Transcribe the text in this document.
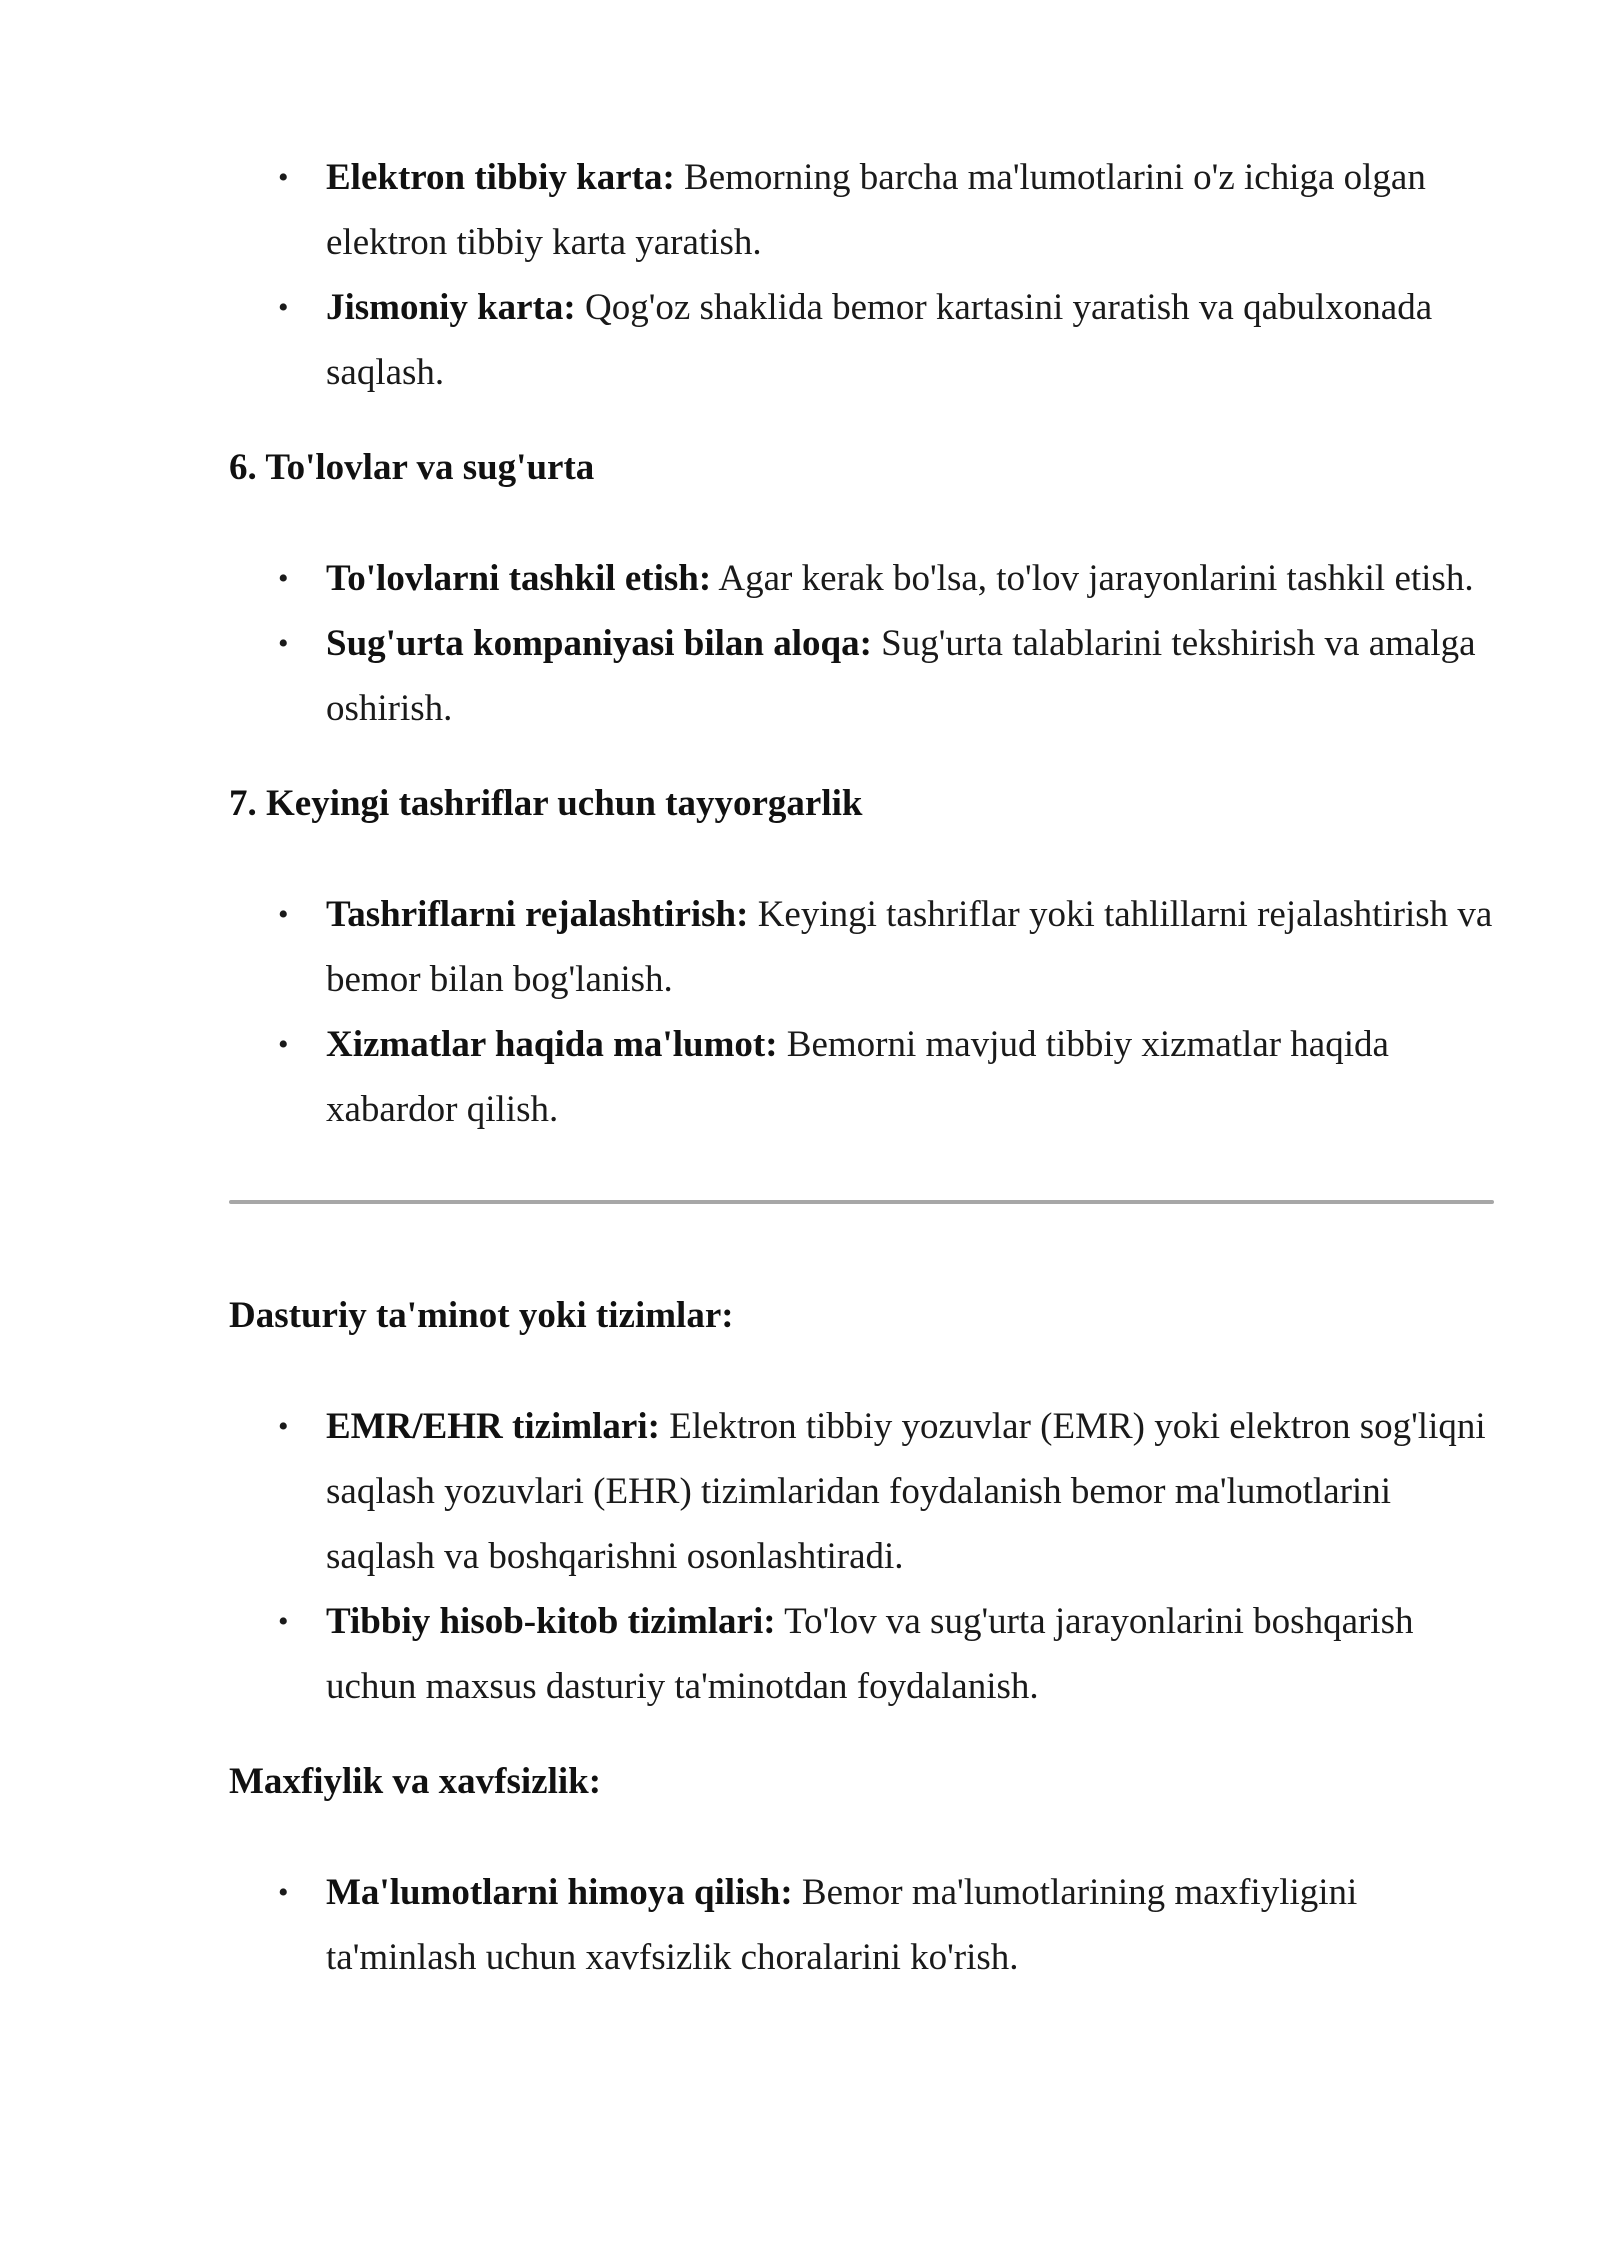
• Elektron tibbiy karta: Bemorning barcha ma'lumotlarini o'z ichiga olgan elektron tibbiy karta yaratish.
• Jismoniy karta: Qog'oz shaklida bemor kartasini yaratish va qabulxonada saqlash.
6. To'lovlar va sug'urta
• To'lovlarni tashkil etish: Agar kerak bo'lsa, to'lov jarayonlarini tashkil etish.
• Sug'urta kompaniyasi bilan aloqa: Sug'urta talablarini tekshirish va amalga oshirish.
7. Keyingi tashriflar uchun tayyorgarlik
• Tashriflarni rejalashtirish: Keyingi tashriflar yoki tahlillarni rejalashtirish va bemor bilan bog'lanish.
• Xizmatlar haqida ma'lumot: Bemorni mavjud tibbiy xizmatlar haqida xabardor qilish.
Dasturiy ta'minot yoki tizimlar:
• EMR/EHR tizimlari: Elektron tibbiy yozuvlar (EMR) yoki elektron sog'liqni saqlash yozuvlari (EHR) tizimlaridan foydalanish bemor ma'lumotlarini saqlash va boshqarishni osonlashtiradi.
• Tibbiy hisob-kitob tizimlari: To'lov va sug'urta jarayonlarini boshqarish uchun maxsus dasturiy ta'minotdan foydalanish.
Maxfiylik va xavfsizlik:
• Ma'lumotlarni himoya qilish: Bemor ma'lumotlarining maxfiyligini ta'minlash uchun xavfsizlik choralarini ko'rish.
